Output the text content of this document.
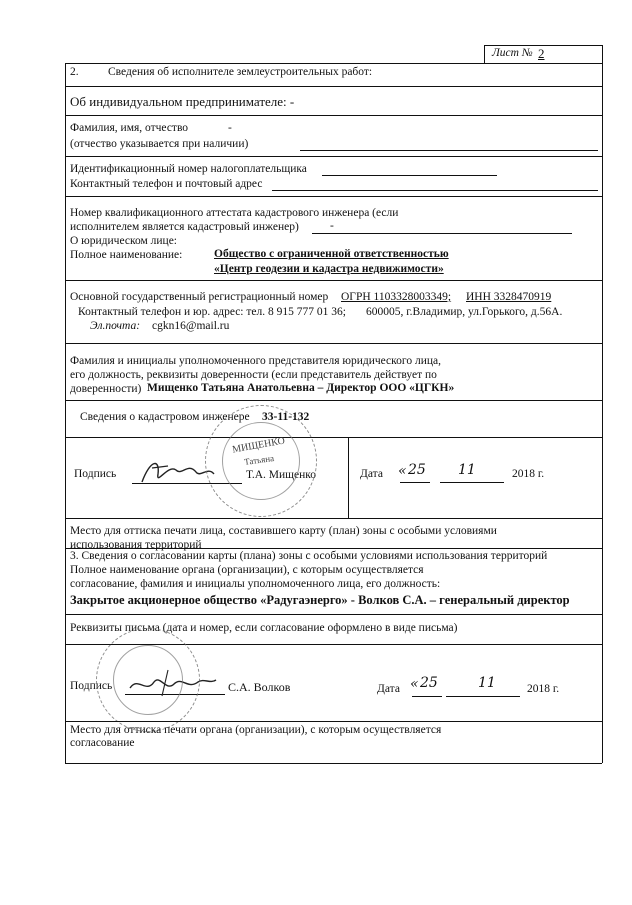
Лист № 2
2.	Сведения об исполнителе землеустроительных работ:
Об индивидуальном предпринимателе: -
Фамилия, имя, отчество	-
(отчество указывается при наличии)
Идентификационный номер налогоплательщика
Контактный телефон и почтовый адрес
Номер квалификационного аттестата кадастрового инженера (если
исполнителем является кадастровый инженер)	-
О юридическом лице:
Полное наименование:	Общество с ограниченной ответственностью
«Центр геодезии и кадастра недвижимости»
Основной государственный регистрационный номер ОГРН 1103328003349; ИНН 3328470919
Контактный телефон и юр. адрес: тел. 8 915 777 01 36; 600005, г.Владимир, ул.Горького, д.56А.
Эл.почта: cgkn16@mail.ru
Фамилия и инициалы уполномоченного представителя юридического лица,
его должность, реквизиты доверенности (если представитель действует по
доверенности) Мищенко Татьяна Анатольевна – Директор ООО «ЦГКН»
Сведения о кадастровом инженере 33-11-132
Подпись	Т.А. Мищенко	Дата « 25 11	2018 г.
МИЩЕНКО
Татьяна
Место для оттиска печати лица, составившего карту (план) зоны с особыми условиями
использования территорий
3. Сведения о согласовании карты (плана) зоны с особыми условиями использования территорий
Полное наименование органа (организации), с которым осуществляется
согласование, фамилия и инициалы уполномоченного лица, его должность:
Закрытое акционерное общество «Радугаэнерго» - Волков С.А. – генеральный директор
Реквизиты письма (дата и номер, если согласование оформлено в виде письма)
Подпись	С.А. Волков	Дата « 25	11	2018 г.
Место для оттиска печати органа (организации), с которым осуществляется
согласование
